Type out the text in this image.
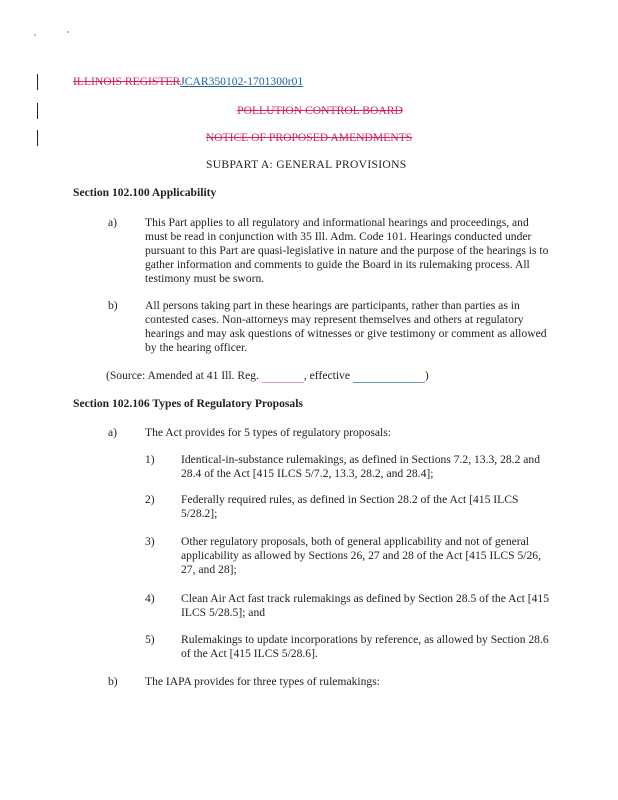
ILLINOIS REGISTERJCAR350102-1701300r01
POLLUTION CONTROL BOARD
NOTICE OF PROPOSED AMENDMENTS
SUBPART A: GENERAL PROVISIONS
Section 102.100 Applicability
a) This Part applies to all regulatory and informational hearings and proceedings, and must be read in conjunction with 35 Ill. Adm. Code 101. Hearings conducted under pursuant to this Part are quasi-legislative in nature and the purpose of the hearings is to gather information and comments to guide the Board in its rulemaking process. All testimony must be sworn.
b) All persons taking part in these hearings are participants, rather than parties as in contested cases. Non-attorneys may represent themselves and others at regulatory hearings and may ask questions of witnesses or give testimony or comment as allowed by the hearing officer.
(Source: Amended at 41 Ill. Reg.	, effective	)
Section 102.106 Types of Regulatory Proposals
a) The Act provides for 5 types of regulatory proposals:
1) Identical-in-substance rulemakings, as defined in Sections 7.2, 13.3, 28.2 and 28.4 of the Act [415 ILCS 5/7.2, 13.3, 28.2, and 28.4];
2) Federally required rules, as defined in Section 28.2 of the Act [415 ILCS 5/28.2];
3) Other regulatory proposals, both of general applicability and not of general applicability as allowed by Sections 26, 27 and 28 of the Act [415 ILCS 5/26, 27, and 28];
4) Clean Air Act fast track rulemakings as defined by Section 28.5 of the Act [415 ILCS 5/28.5]; and
5) Rulemakings to update incorporations by reference, as allowed by Section 28.6 of the Act [415 ILCS 5/28.6].
b) The IAPA provides for three types of rulemakings:
